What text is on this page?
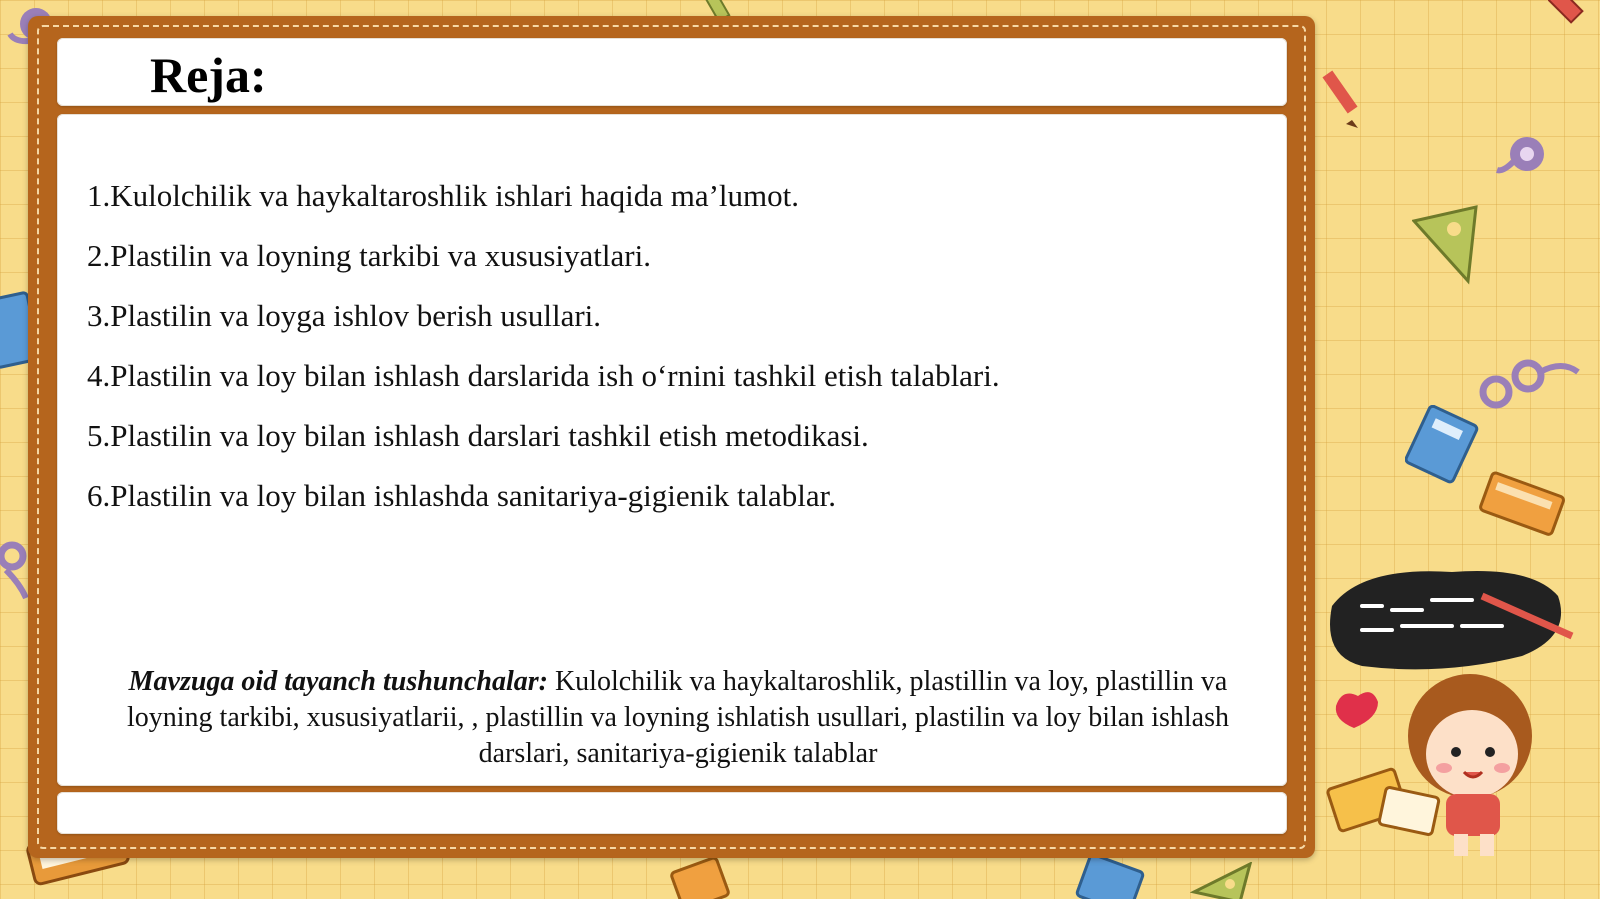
Reja:
1.Kulolchilik va haykaltaroshlik ishlari haqida ma’lumot.
2.Plastilin va loyning tarkibi va xususiyatlari.
3.Plastilin va loyga ishlov berish usullari.
4.Plastilin va loy bilan ishlash darslarida ish o‘rnini tashkil etish talablari.
5.Plastilin va loy bilan ishlash darslari tashkil etish metodikasi.
6.Plastilin va loy bilan ishlashda sanitariya-gigienik talablar.

Mavzuga oid tayanch tushunchalar: Kulolchilik va haykaltaroshlik, plastillin va loy, plastillin va loyning tarkibi, xususiyatlarii, , plastillin va loyning ishlatish usullari, plastilin va loy bilan ishlash darslari, sanitariya-gigienik talablar
